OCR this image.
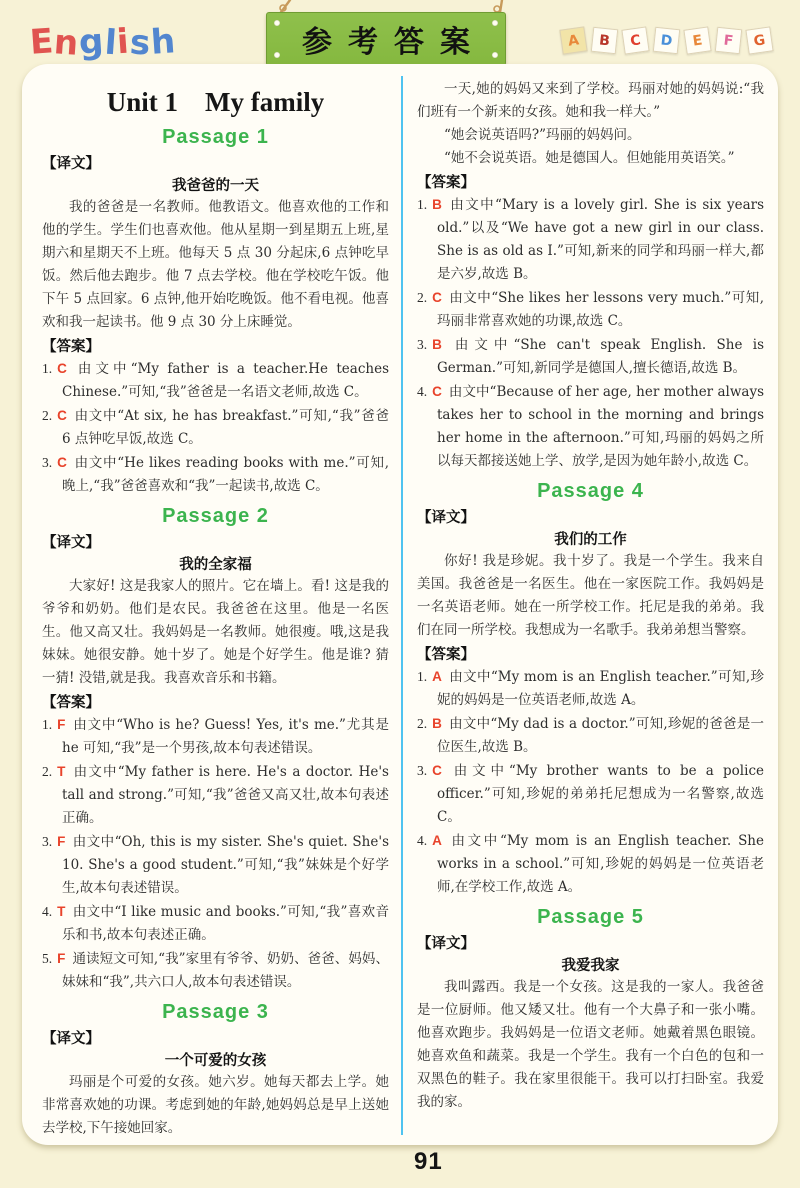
English	参考答案	A	B	C	D	E	F	G
Unit 1　My family
Passage 1
【译文】
我爸爸的一天

我的爸爸是一名教师。他教语文。他喜欢他的工作和他的学生。学生们也喜欢他。他从星期一到星期五上班,星期六和星期天不上班。他每天 5 点 30 分起床,6 点钟吃早饭。然后他去跑步。他 7 点去学校。他在学校吃午饭。他下午 5 点回家。6 点钟,他开始吃晚饭。他不看电视。他喜欢和我一起读书。他 9 点 30 分上床睡觉。

【答案】
1. C 由文中“My father is a teacher.He teaches Chinese.”可知,“我”爸爸是一名语文老师,故选 C。
2. C 由文中“At six, he has breakfast.”可知,“我”爸爸 6 点钟吃早饭,故选 C。
3. C 由文中“He likes reading books with me.”可知,晚上,“我”爸爸喜欢和“我”一起读书,故选 C。
Passage 2
【译文】
我的全家福

大家好! 这是我家人的照片。它在墙上。看! 这是我的爷爷和奶奶。他们是农民。我爸爸在这里。他是一名医生。他又高又壮。我妈妈是一名教师。她很瘦。哦,这是我妹妹。她很安静。她十岁了。她是个好学生。他是谁? 猜一猜! 没错,就是我。我喜欢音乐和书籍。

【答案】
1. F 由文中“Who is he? Guess! Yes, it's me.”尤其是 he 可知,“我”是一个男孩,故本句表述错误。
2. T 由文中“My father is here. He's a doctor. He's tall and strong.”可知,“我”爸爸又高又壮,故本句表述正确。
3. F 由文中“Oh, this is my sister. She's quiet. She's 10. She's a good student.”可知,“我”妹妹是个好学生,故本句表述错误。
4. T 由文中“I like music and books.”可知,“我”喜欢音乐和书,故本句表述正确。
5. F 通读短文可知,“我”家里有爷爷、奶奶、爸爸、妈妈、妹妹和“我”,共六口人,故本句表述错误。
Passage 3
【译文】
一个可爱的女孩

玛丽是个可爱的女孩。她六岁。她每天都去上学。她非常喜欢她的功课。考虑到她的年龄,她妈妈总是早上送她去学校,下午接她回家。

一天,她的妈妈又来到了学校。玛丽对她的妈妈说:“我们班有一个新来的女孩。她和我一样大。”

“她会说英语吗?”玛丽的妈妈问。

“她不会说英语。她是德国人。但她能用英语笑。”

【答案】
1. B 由文中“Mary is a lovely girl. She is six years old.”以及“We have got a new girl in our class. She is as old as I.”可知,新来的同学和玛丽一样大,都是六岁,故选 B。
2. C 由文中“She likes her lessons very much.”可知,玛丽非常喜欢她的功课,故选 C。
3. B 由文中“She can't speak English. She is German.”可知,新同学是德国人,擅长德语,故选 B。
4. C 由文中“Because of her age, her mother always takes her to school in the morning and brings her home in the afternoon.”可知,玛丽的妈妈之所以每天都接送她上学、放学,是因为她年龄小,故选 C。
Passage 4
【译文】
我们的工作

你好! 我是珍妮。我十岁了。我是一个学生。我来自美国。我爸爸是一名医生。他在一家医院工作。我妈妈是一名英语老师。她在一所学校工作。托尼是我的弟弟。我们在同一所学校。我想成为一名歌手。我弟弟想当警察。

【答案】
1. A 由文中“My mom is an English teacher.”可知,珍妮的妈妈是一位英语老师,故选 A。
2. B 由文中“My dad is a doctor.”可知,珍妮的爸爸是一位医生,故选 B。
3. C 由文中“My brother wants to be a police officer.”可知,珍妮的弟弟托尼想成为一名警察,故选 C。
4. A 由文中“My mom is an English teacher. She works in a school.”可知,珍妮的妈妈是一位英语老师,在学校工作,故选 A。
Passage 5
【译文】
我爱我家

我叫露西。我是一个女孩。这是我的一家人。我爸爸是一位厨师。他又矮又壮。他有一个大鼻子和一张小嘴。他喜欢跑步。我妈妈是一位语文老师。她戴着黑色眼镜。她喜欢鱼和蔬菜。我是一个学生。我有一个白色的包和一双黑色的鞋子。我在家里很能干。我可以打扫卧室。我爱我的家。

91
